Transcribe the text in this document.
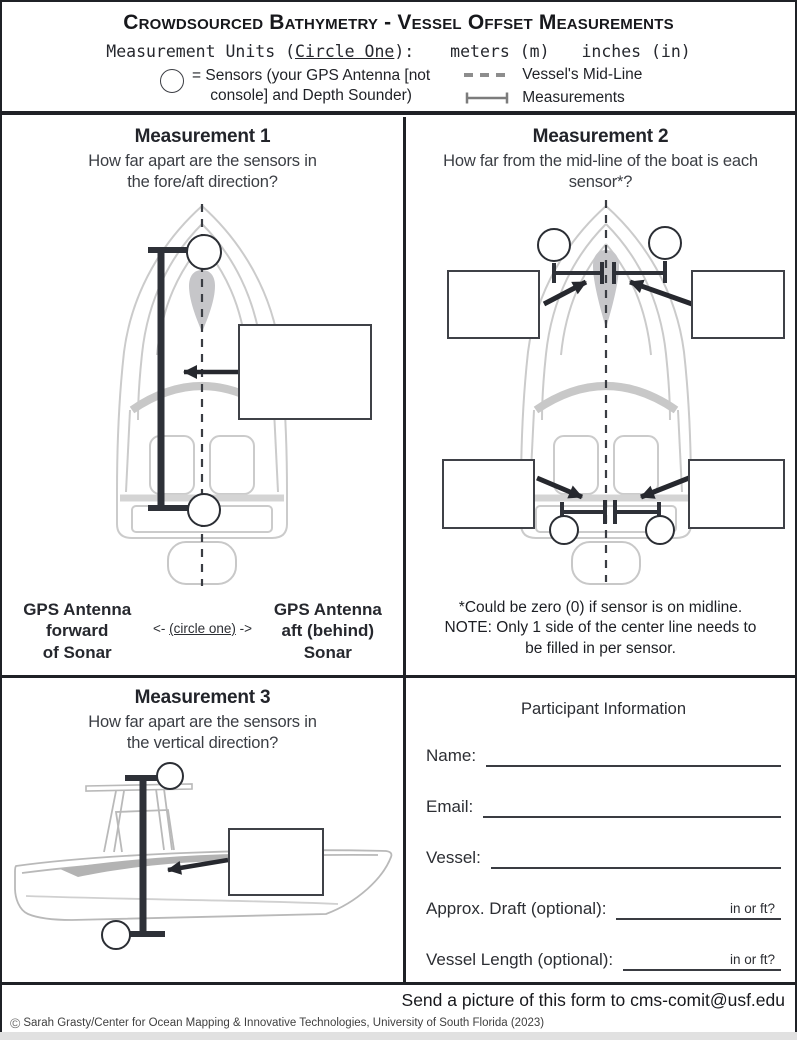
Crowdsourced Bathymetry - Vessel Offset Measurements
Measurement Units (Circle One): meters (m) inches (in)
= Sensors (your GPS Antenna [not
console] and Depth Sounder)
Vessel's Mid-Line
Measurements
Measurement 1
How far apart are the sensors in
the fore/aft direction?
GPS Antenna
forward
of Sonar
<- (circle one) ->
GPS Antenna
aft (behind)
Sonar
Measurement 2
How far from the mid-line of the boat is each
sensor*?
*Could be zero (0) if sensor is on midline.
NOTE: Only 1 side of the center line needs to
be filled in per sensor.
Measurement 3
How far apart are the sensors in
the vertical direction?
Participant Information
Name:
Email:
Vessel:
Approx. Draft (optional):	in or ft?
Vessel Length (optional):	in or ft?
Send a picture of this form to cms-comit@usf.edu
© Sarah Grasty/Center for Ocean Mapping & Innovative Technologies, University of South Florida (2023)
